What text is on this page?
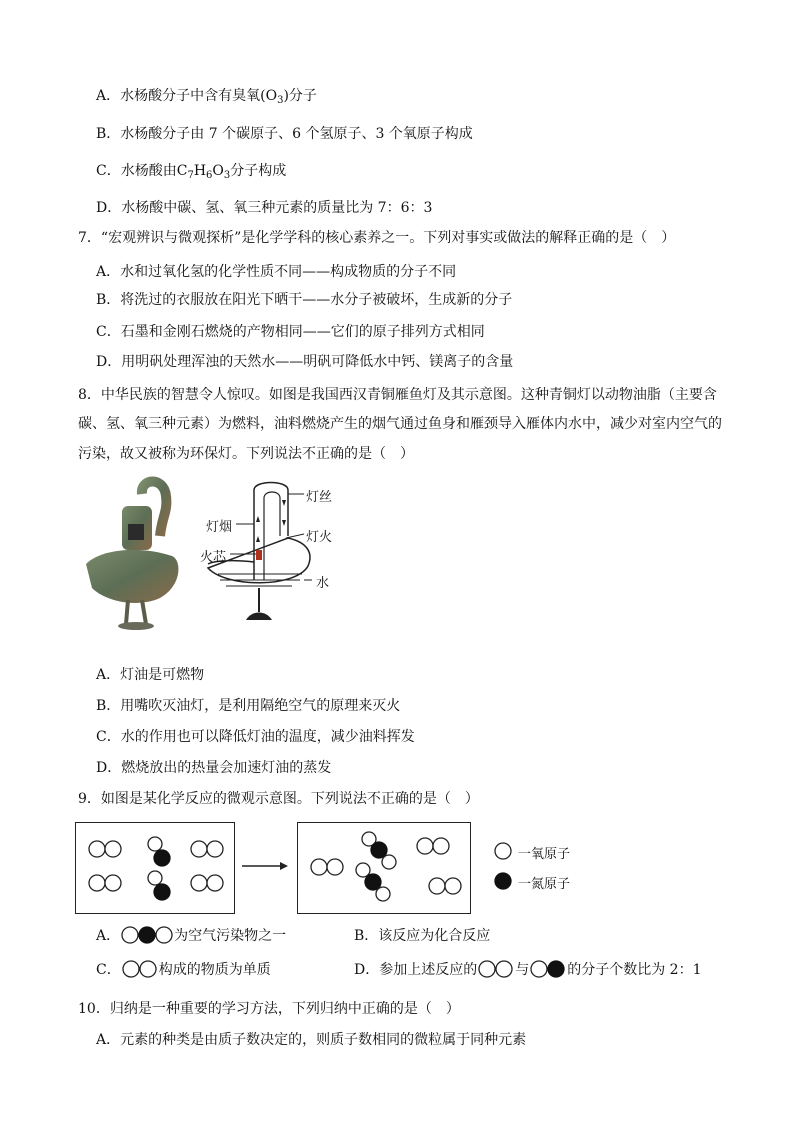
A．水杨酸分子中含有臭氧$(O_3)$分子
B．水杨酸分子由 7 个碳原子、6 个氢原子、3 个氧原子构成
C．水杨酸由$C_7H_6O_3$分子构成
D．水杨酸中碳、氢、氧三种元素的质量比为 7：6：3
7．“宏观辨识与微观探析”是化学学科的核心素养之一。下列对事实或做法的解释正确的是（　）
A．水和过氧化氢的化学性质不同——构成物质的分子不同
B．将洗过的衣服放在阳光下晒干——水分子被破坏，生成新的分子
C．石墨和金刚石燃烧的产物相同——它们的原子排列方式相同
D．用明矾处理浑浊的天然水——明矾可降低水中钙、镁离子的含量
8．中华民族的智慧令人惊叹。如图是我国西汉青铜雁鱼灯及其示意图。这种青铜灯以动物油脂（主要含
碳、氢、氧三种元素）为燃料，油料燃烧产生的烟气通过鱼身和雁颈导入雁体内水中，减少对室内空气的
污染，故又被称为环保灯。下列说法不正确的是（　）
灯丝
灯烟
灯火
火芯
水
A．灯油是可燃物
B．用嘴吹灭油灯，是利用隔绝空气的原理来灭火
C．水的作用也可以降低灯油的温度，减少油料挥发
D．燃烧放出的热量会加速灯油的蒸发
9．如图是某化学反应的微观示意图。下列说法不正确的是（　）
一氧原子
一氮原子
A．	为空气污染物之一	B．该反应为化合反应
C．	构成的物质为单质	D．参加上述反应的	与	的分子个数比为 2：1
10．归纳是一种重要的学习方法，下列归纳中正确的是（　）
A．元素的种类是由质子数决定的，则质子数相同的微粒属于同种元素
